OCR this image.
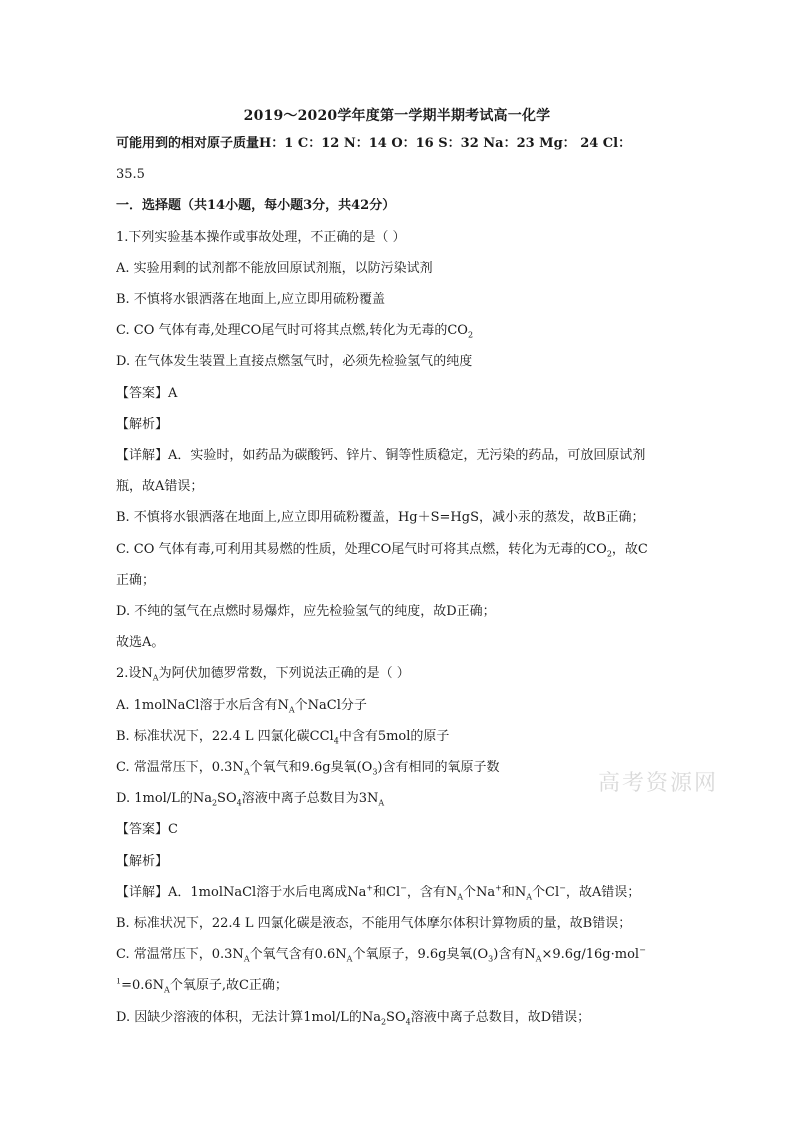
2019～2020学年度第一学期半期考试高一化学
可能用到的相对原子质量H：1 C：12 N：14 O：16 S：32 Na：23 Mg： 24 Cl：
35.5
一．选择题（共14小题，每小题3分，共42分）
1.下列实验基本操作或事故处理，不正确的是（ ）
A. 实验用剩的试剂都不能放回原试剂瓶，以防污染试剂
B. 不慎将水银洒落在地面上,应立即用硫粉覆盖
C. CO 气体有毒,处理CO尾气时可将其点燃,转化为无毒的$CO_2$
D. 在气体发生装置上直接点燃氢气时，必须先检验氢气的纯度
【答案】A
【解析】
【详解】A．实验时，如药品为碳酸钙、锌片、铜等性质稳定，无污染的药品，可放回原试剂
瓶，故A错误；
B. 不慎将水银洒落在地面上,应立即用硫粉覆盖，Hg＋S=HgS，减小汞的蒸发，故B正确；
C. CO 气体有毒,可利用其易燃的性质，处理CO尾气时可将其点燃，转化为无毒的$CO_2$，故C
正确；
D. 不纯的氢气在点燃时易爆炸，应先检验氢气的纯度，故D正确；
故选A。
2.设$N_A$为阿伏加德罗常数，下列说法正确的是（ ）
A. 1molNaCl溶于水后含有$N_A$个NaCl分子
B. 标准状况下，22.4 L 四氯化碳CCl$_4$中含有5mol的原子
C. 常温常压下，$0.3N_A$个氧气和9.6g臭氧$(O_3)$含有相同的氧原子数
D. 1mol/L的$Na_2SO_4$溶液中离子总数目为$3N_A$
【答案】C
【解析】
【详解】A．1molNaCl溶于水后电离成Na+和Cl−，含有$N_A$个Na+和$N_A$个Cl−，故A错误；
B. 标准状况下，22.4 L 四氯化碳是液态，不能用气体摩尔体积计算物质的量，故B错误；
C. 常温常压下，$0.3N_A$个氧气含有$0.6N_A$个氧原子，9.6g臭氧$(O_3)$含有$N_A\times 9.6g/16g\cdot mol^-$
$^1=0.6N_A$个氧原子,故C正确；
D. 因缺少溶液的体积，无法计算1mol/L的$Na_2SO_4$溶液中离子总数目，故D错误；
高考资源网
